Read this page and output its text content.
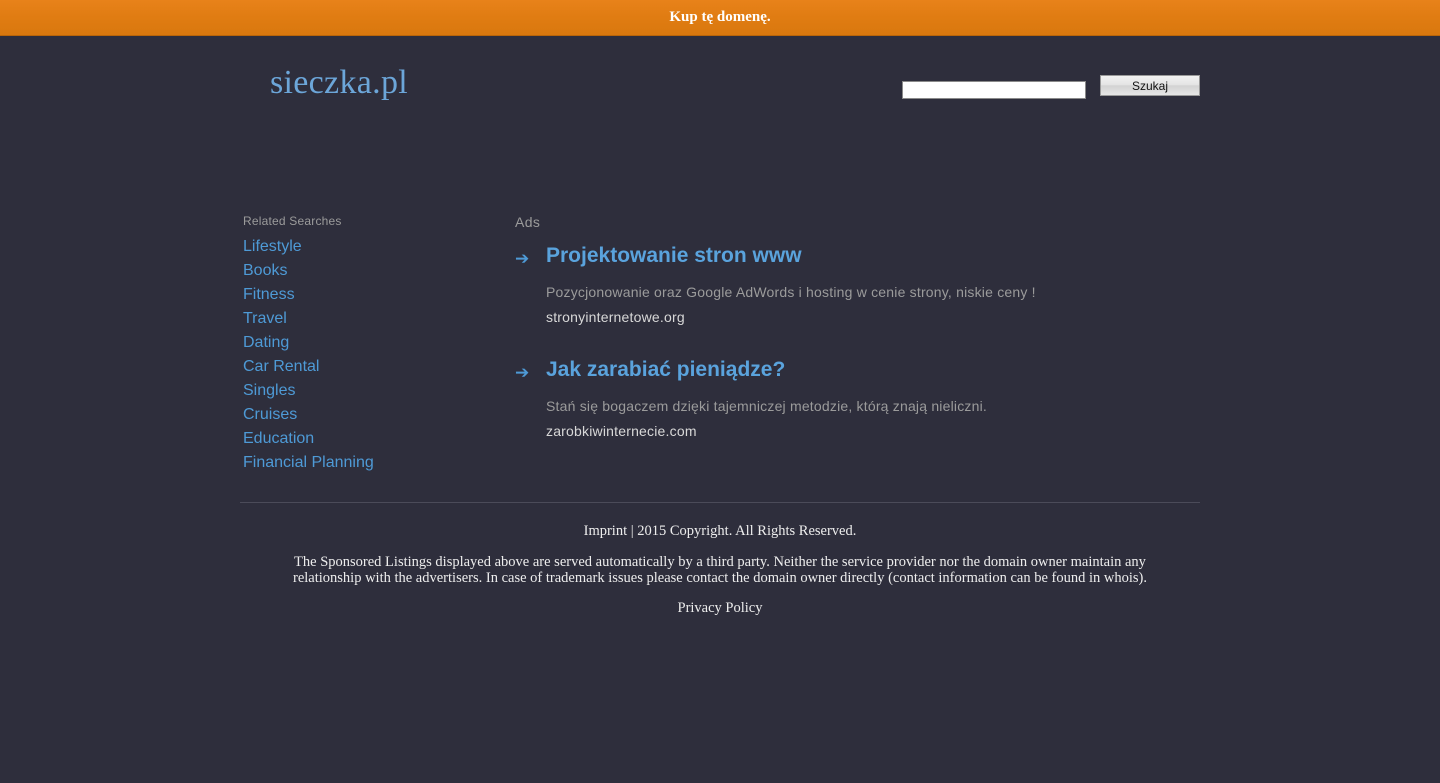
Kup tę domenę.
sieczka.pl	Szukaj
Related Searches
Lifestyle
Books
Fitness
Travel
Dating
Car Rental
Singles
Cruises
Education
Financial Planning
Ads
➔ Projektowanie stron www
Pozycjonowanie oraz Google AdWords i hosting w cenie strony, niskie ceny !
stronyinternetowe.org
➔ Jak zarabiać pieniądze?
Stań się bogaczem dzięki tajemniczej metodzie, którą znają nieliczni.
zarobkiwinternecie.com
Imprint | 2015 Copyright. All Rights Reserved.
The Sponsored Listings displayed above are served automatically by a third party. Neither the service provider nor the domain owner maintain any relationship with the advertisers. In case of trademark issues please contact the domain owner directly (contact information can be found in whois).
Privacy Policy
